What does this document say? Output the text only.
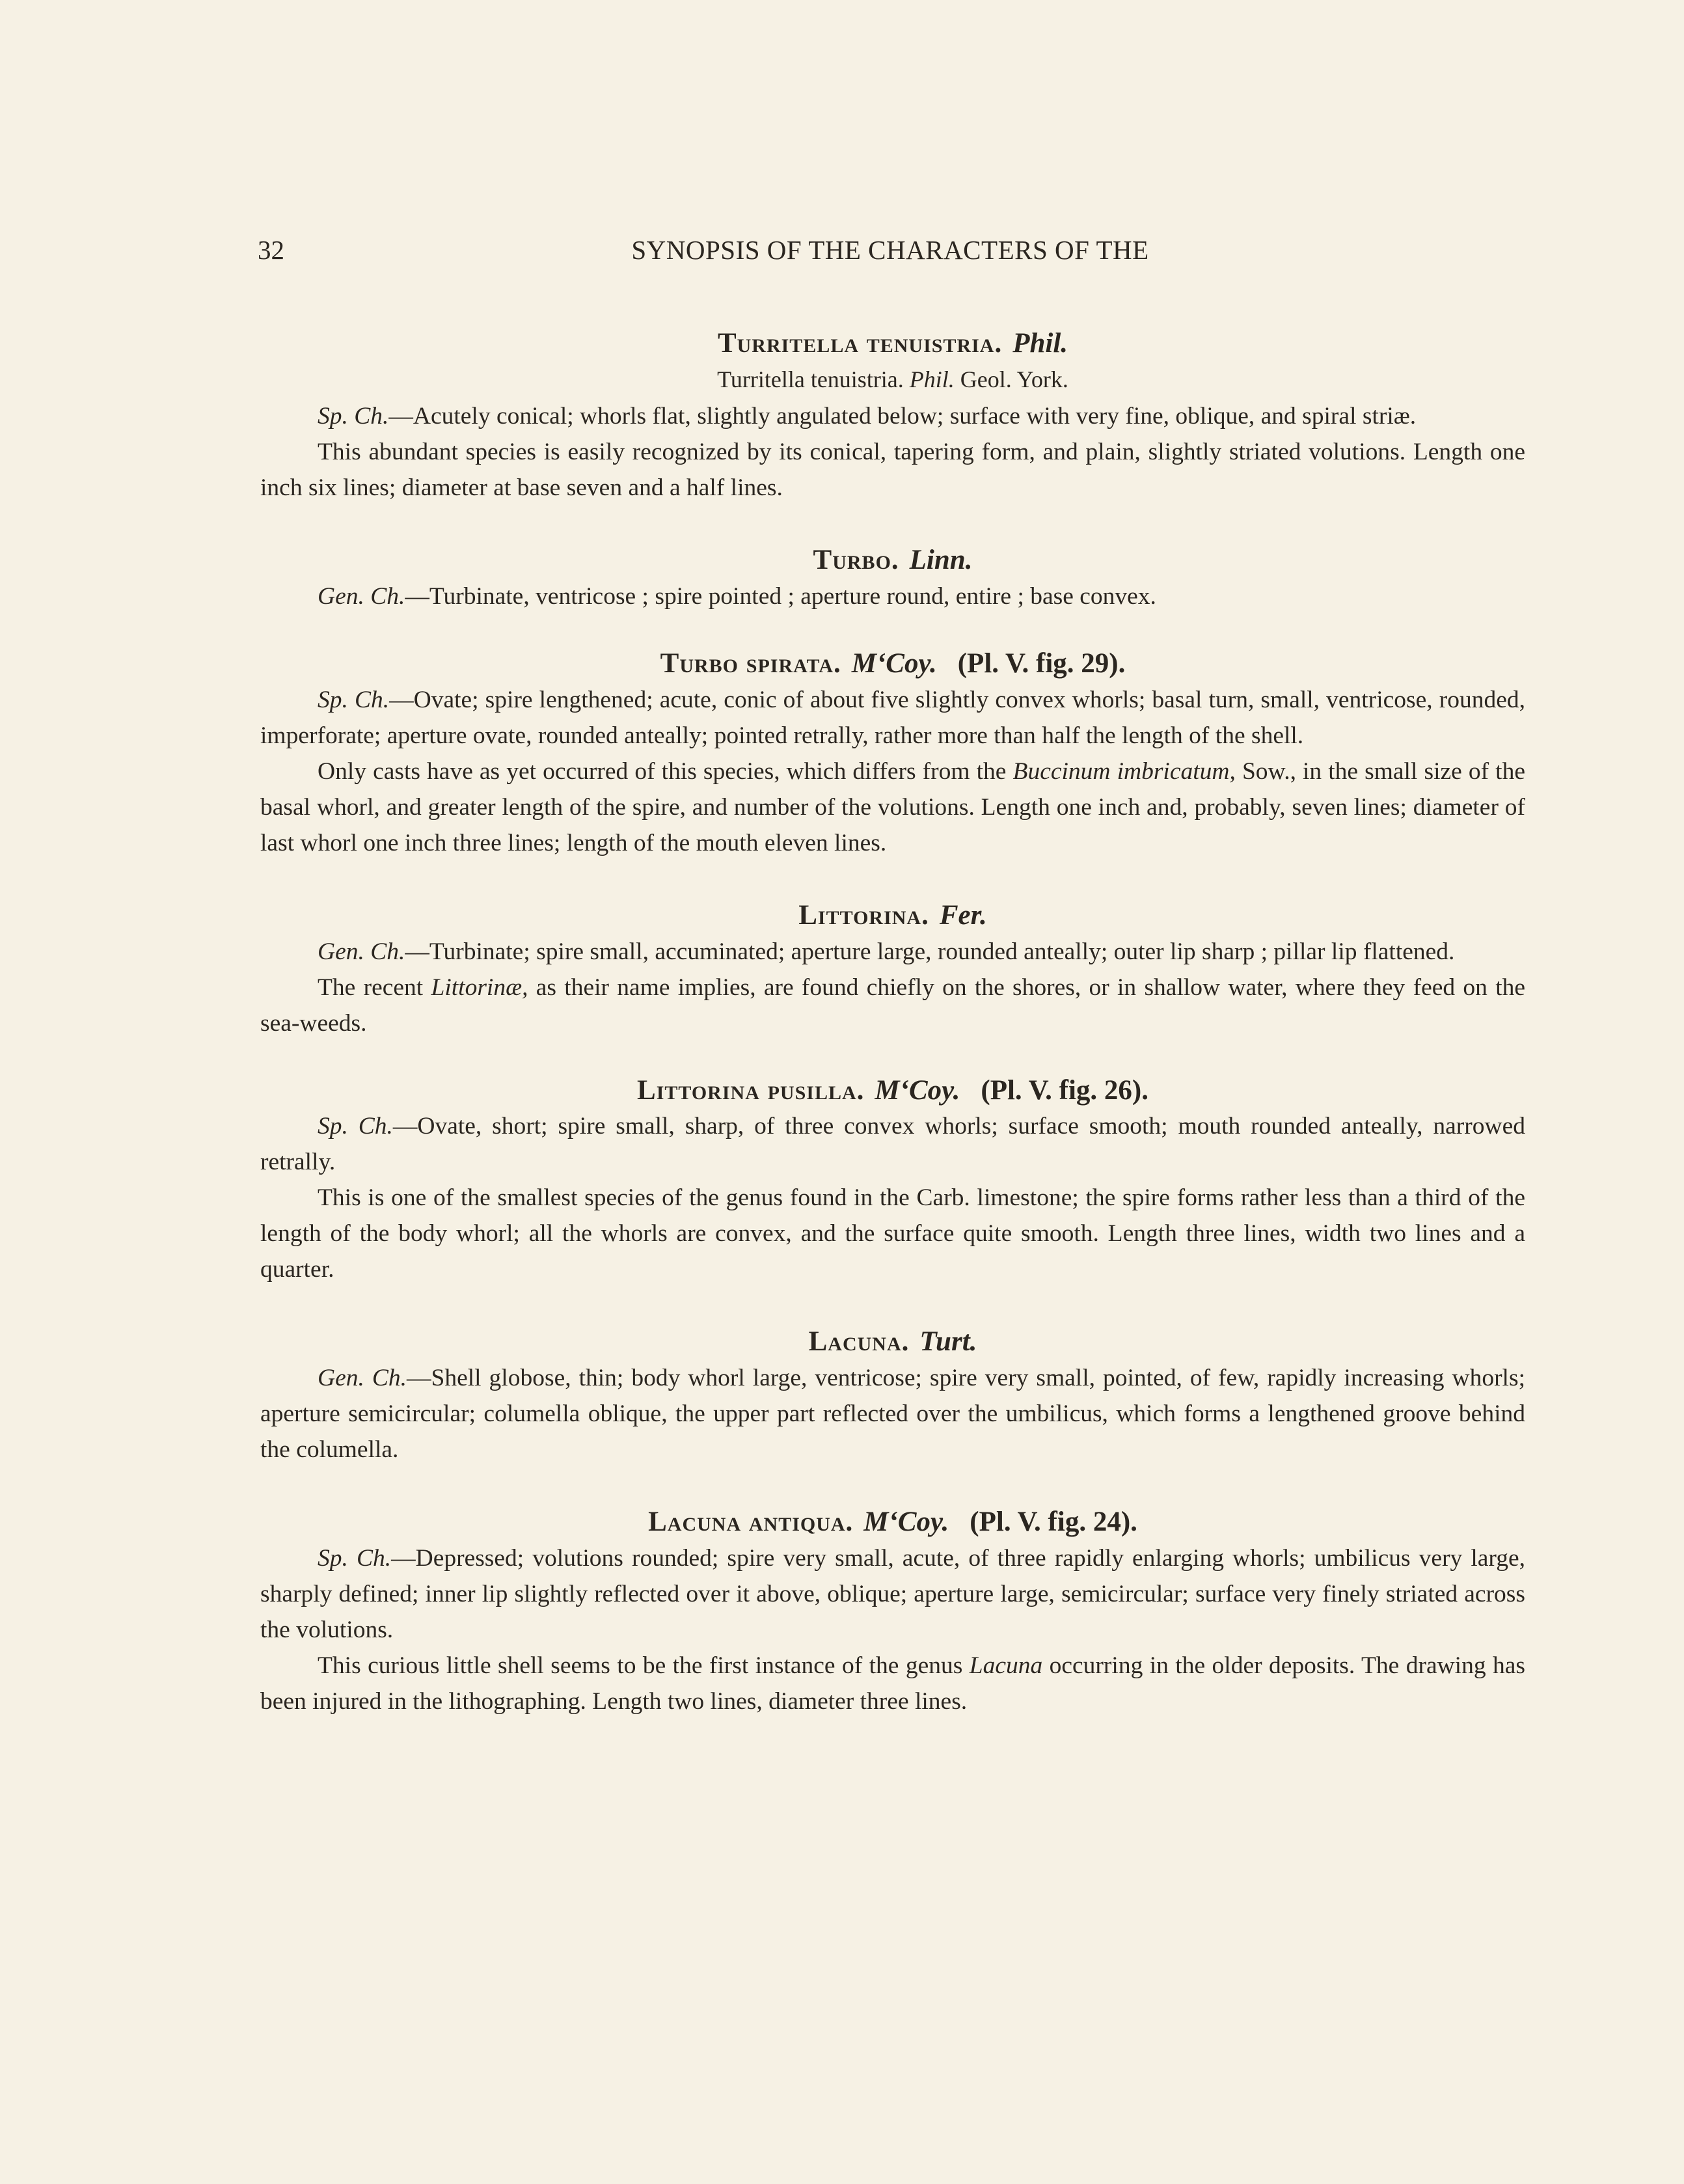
32	SYNOPSIS OF THE CHARACTERS OF THE
Turritella tenuistria. Phil.
Turritella tenuistria. Phil. Geol. York.

Sp. Ch.—Acutely conical; whorls flat, slightly angulated below; surface with very fine, oblique, and spiral striæ.

This abundant species is easily recognized by its conical, tapering form, and plain, slightly striated volutions. Length one inch six lines; diameter at base seven and a half lines.

Turbo. Linn.

Gen. Ch.—Turbinate, ventricose ; spire pointed ; aperture round, entire ; base convex.

Turbo spirata. M‘Coy. (Pl. V. fig. 29).

Sp. Ch.—Ovate; spire lengthened; acute, conic of about five slightly convex whorls; basal turn, small, ventricose, rounded, imperforate; aperture ovate, rounded anteally; pointed retrally, rather more than half the length of the shell.

Only casts have as yet occurred of this species, which differs from the Buccinum imbricatum, Sow., in the small size of the basal whorl, and greater length of the spire, and number of the volutions. Length one inch and, probably, seven lines; diameter of last whorl one inch three lines; length of the mouth eleven lines.

Littorina. Fer.

Gen. Ch.—Turbinate; spire small, accuminated; aperture large, rounded anteally; outer lip sharp ; pillar lip flattened.

The recent Littorinæ, as their name implies, are found chiefly on the shores, or in shallow water, where they feed on the sea-weeds.

Littorina pusilla. M‘Coy. (Pl. V. fig. 26).

Sp. Ch.—Ovate, short; spire small, sharp, of three convex whorls; surface smooth; mouth rounded anteally, narrowed retrally.

This is one of the smallest species of the genus found in the Carb. limestone; the spire forms rather less than a third of the length of the body whorl; all the whorls are convex, and the surface quite smooth. Length three lines, width two lines and a quarter.

Lacuna. Turt.

Gen. Ch.—Shell globose, thin; body whorl large, ventricose; spire very small, pointed, of few, rapidly increasing whorls; aperture semicircular; columella oblique, the upper part reflected over the umbilicus, which forms a lengthened groove behind the columella.

Lacuna antiqua. M‘Coy. (Pl. V. fig. 24).

Sp. Ch.—Depressed; volutions rounded; spire very small, acute, of three rapidly enlarging whorls; umbilicus very large, sharply defined; inner lip slightly reflected over it above, oblique; aperture large, semicircular; surface very finely striated across the volutions.

This curious little shell seems to be the first instance of the genus Lacuna occurring in the older deposits. The drawing has been injured in the lithographing. Length two lines, diameter three lines.
